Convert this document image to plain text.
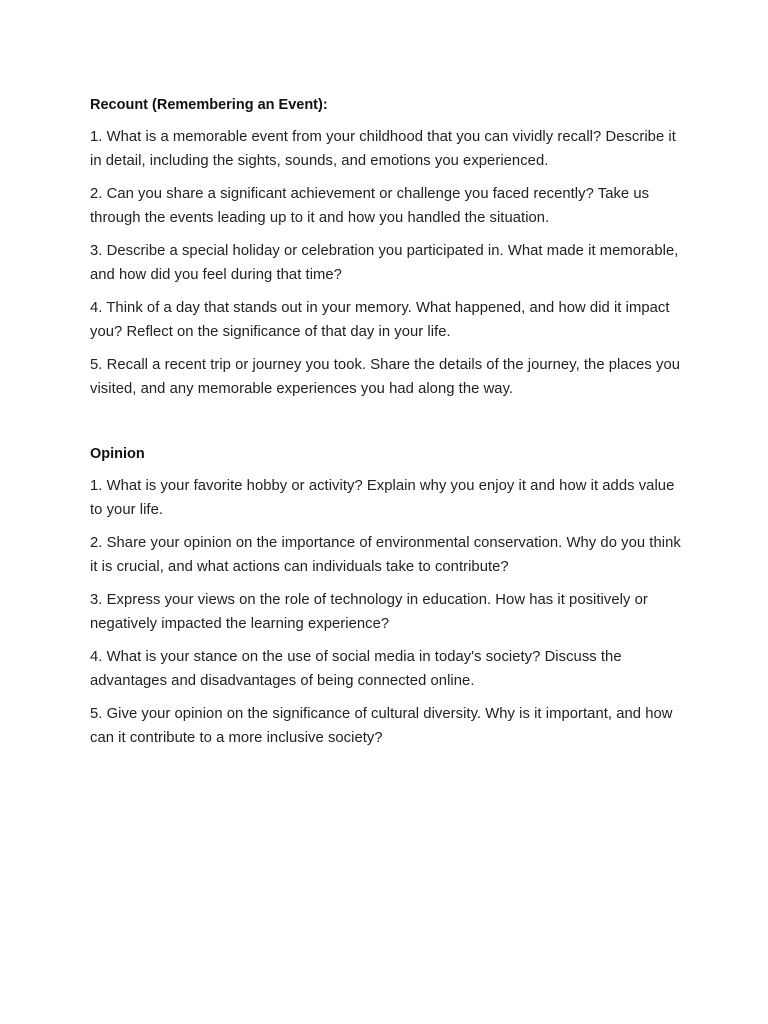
Recount (Remembering an Event):

1. What is a memorable event from your childhood that you can vividly recall? Describe it in detail, including the sights, sounds, and emotions you experienced.

2. Can you share a significant achievement or challenge you faced recently? Take us through the events leading up to it and how you handled the situation.

3. Describe a special holiday or celebration you participated in. What made it memorable, and how did you feel during that time?

4. Think of a day that stands out in your memory. What happened, and how did it impact you? Reflect on the significance of that day in your life.

5. Recall a recent trip or journey you took. Share the details of the journey, the places you visited, and any memorable experiences you had along the way.

Opinion

1. What is your favorite hobby or activity? Explain why you enjoy it and how it adds value to your life.

2. Share your opinion on the importance of environmental conservation. Why do you think it is crucial, and what actions can individuals take to contribute?

3. Express your views on the role of technology in education. How has it positively or negatively impacted the learning experience?

4. What is your stance on the use of social media in today's society? Discuss the advantages and disadvantages of being connected online.

5. Give your opinion on the significance of cultural diversity. Why is it important, and how can it contribute to a more inclusive society?
